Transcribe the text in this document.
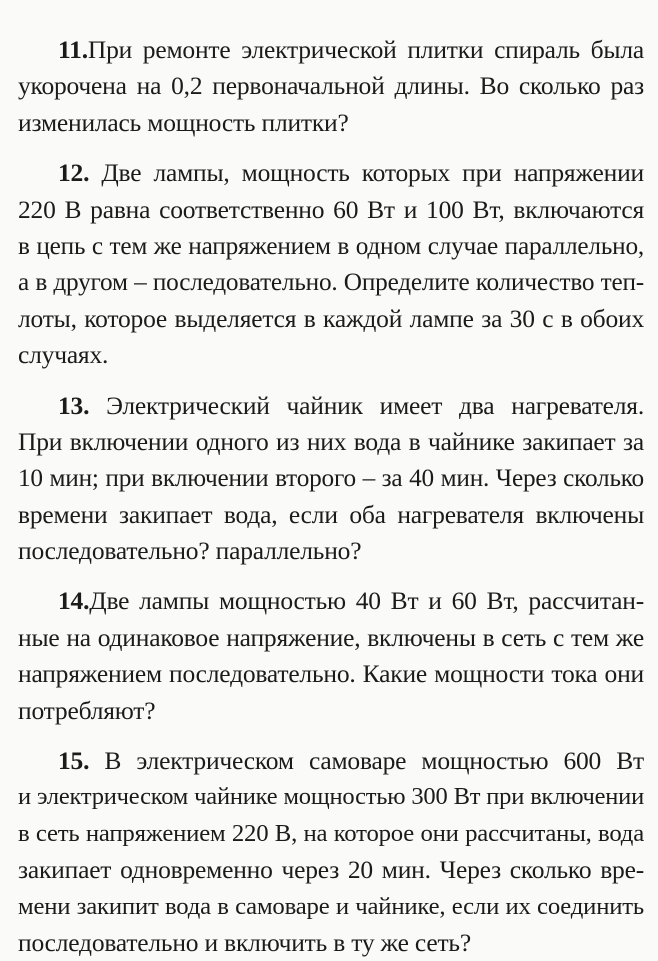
11.При ремонте электрической плитки спираль была
укорочена на 0,2 первоначальной длины. Во сколько раз
изменилась мощность плитки?
12. Две лампы, мощность которых при напряжении
220 В равна соответственно 60 Вт и 100 Вт, включаются
в цепь с тем же напряжением в одном случае параллельно,
а в другом – последовательно. Определите количество теп-
лоты, которое выделяется в каждой лампе за 30 с в обоих
случаях.
13. Электрический чайник имеет два нагревателя.
При включении одного из них вода в чайнике закипает за
10 мин; при включении второго – за 40 мин. Через сколько
времени закипает вода, если оба нагревателя включены
последовательно? параллельно?
14.Две лампы мощностью 40 Вт и 60 Вт, рассчитан-
ные на одинаковое напряжение, включены в сеть с тем же
напряжением последовательно. Какие мощности тока они
потребляют?
15. В электрическом самоваре мощностью 600 Вт
и электрическом чайнике мощностью 300 Вт при включении
в сеть напряжением 220 В, на которое они рассчитаны, вода
закипает одновременно через 20 мин. Через сколько вре-
мени закипит вода в самоваре и чайнике, если их соединить
последовательно и включить в ту же сеть?
